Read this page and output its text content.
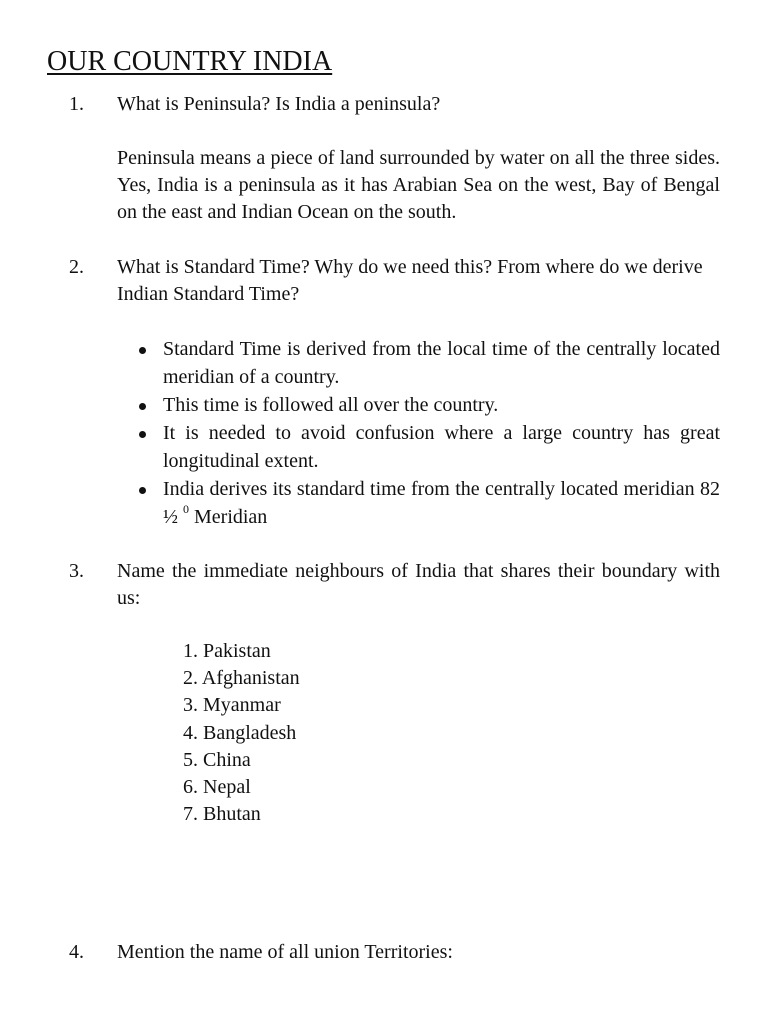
OUR COUNTRY INDIA
1. What is Peninsula? Is India a peninsula?

Peninsula means a piece of land surrounded by water on all the three sides. Yes, India is a peninsula as it has Arabian Sea on the west, Bay of Bengal on the east and Indian Ocean on the south.

2. What is Standard Time? Why do we need this? From where do we derive Indian Standard Time?

Standard Time is derived from the local time of the centrally located meridian of a country.
This time is followed all over the country.
It is needed to avoid confusion where a large country has great longitudinal extent.
India derives its standard time from the centrally located meridian 82 ½ $^0$ Meridian
3. Name the immediate neighbours of India that shares their boundary with us:

1. Pakistan
2. Afghanistan
3. Myanmar
4. Bangladesh
5. China
6. Nepal
7. Bhutan
4. Mention the name of all union Territories:
